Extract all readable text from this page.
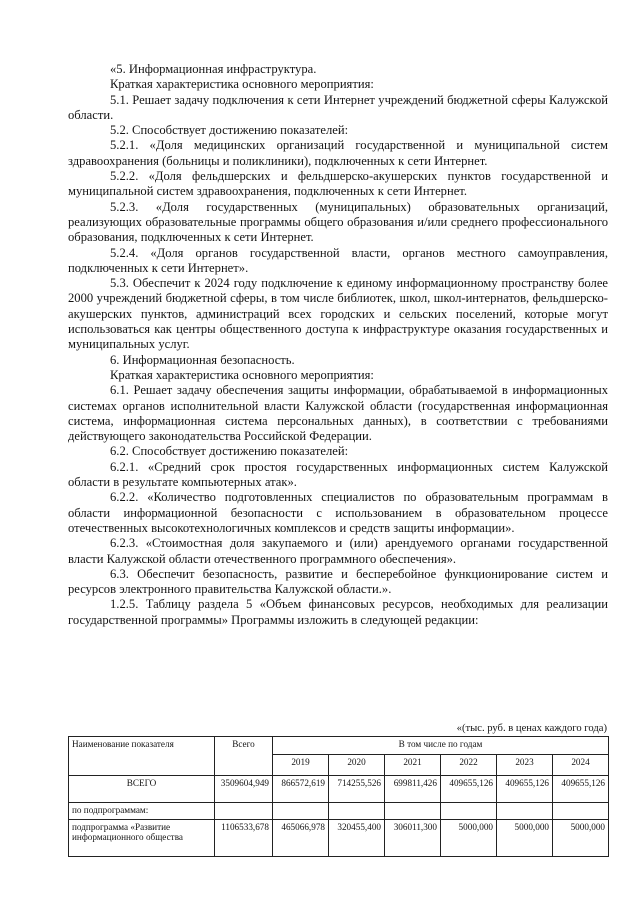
«5. Информационная инфраструктура.

Краткая характеристика основного мероприятия:

5.1. Решает задачу подключения к сети Интернет учреждений бюджетной сферы Калужской области.

5.2. Способствует достижению показателей:

5.2.1. «Доля медицинских организаций государственной и муниципальной систем здравоохранения (больницы и поликлиники), подключенных к сети Интернет.

5.2.2. «Доля фельдшерских и фельдшерско-акушерских пунктов государственной и муниципальной систем здравоохранения, подключенных к сети Интернет.

5.2.3. «Доля государственных (муниципальных) образовательных организаций, реализующих образовательные программы общего образования и/или среднего профессионального образования, подключенных к сети Интернет.

5.2.4. «Доля органов государственной власти, органов местного самоуправления, подключенных к сети Интернет».

5.3. Обеспечит к 2024 году подключение к единому информационному пространству более 2000 учреждений бюджетной сферы, в том числе библиотек, школ, школ-интернатов, фельдшерско-акушерских пунктов, администраций всех городских и сельских поселений, которые могут использоваться как центры общественного доступа к инфраструктуре оказания государственных и муниципальных услуг.

6. Информационная безопасность.

Краткая характеристика основного мероприятия:

6.1. Решает задачу обеспечения защиты информации, обрабатываемой в информационных системах органов исполнительной власти Калужской области (государственная информационная система, информационная система персональных данных), в соответствии с требованиями действующего законодательства Российской Федерации.

6.2. Способствует достижению показателей:

6.2.1. «Средний срок простоя государственных информационных систем Калужской области в результате компьютерных атак».

6.2.2. «Количество подготовленных специалистов по образовательным программам в области информационной безопасности с использованием в образовательном процессе отечественных высокотехнологичных комплексов и средств защиты информации».

6.2.3. «Стоимостная доля закупаемого и (или) арендуемого органами государственной власти Калужской области отечественного программного обеспечения».

6.3. Обеспечит безопасность, развитие и бесперебойное функционирование систем и ресурсов электронного правительства Калужской области.».

1.2.5. Таблицу раздела 5 «Объем финансовых ресурсов, необходимых для реализации государственной программы» Программы изложить в следующей редакции:

«(тыс. руб. в ценах каждого года)
Наименование показателя	Всего	В том числе по годам					
		2019	2020	2021	2022	2023	2024
ВСЕГО	3509604,949	866572,619	714255,526	699811,426	409655,126	409655,126	409655,126
по подпрограммам:							
подпрограмма «Развитие информационного общества	1106533,678	465066,978	320455,400	306011,300	5000,000	5000,000	5000,000
